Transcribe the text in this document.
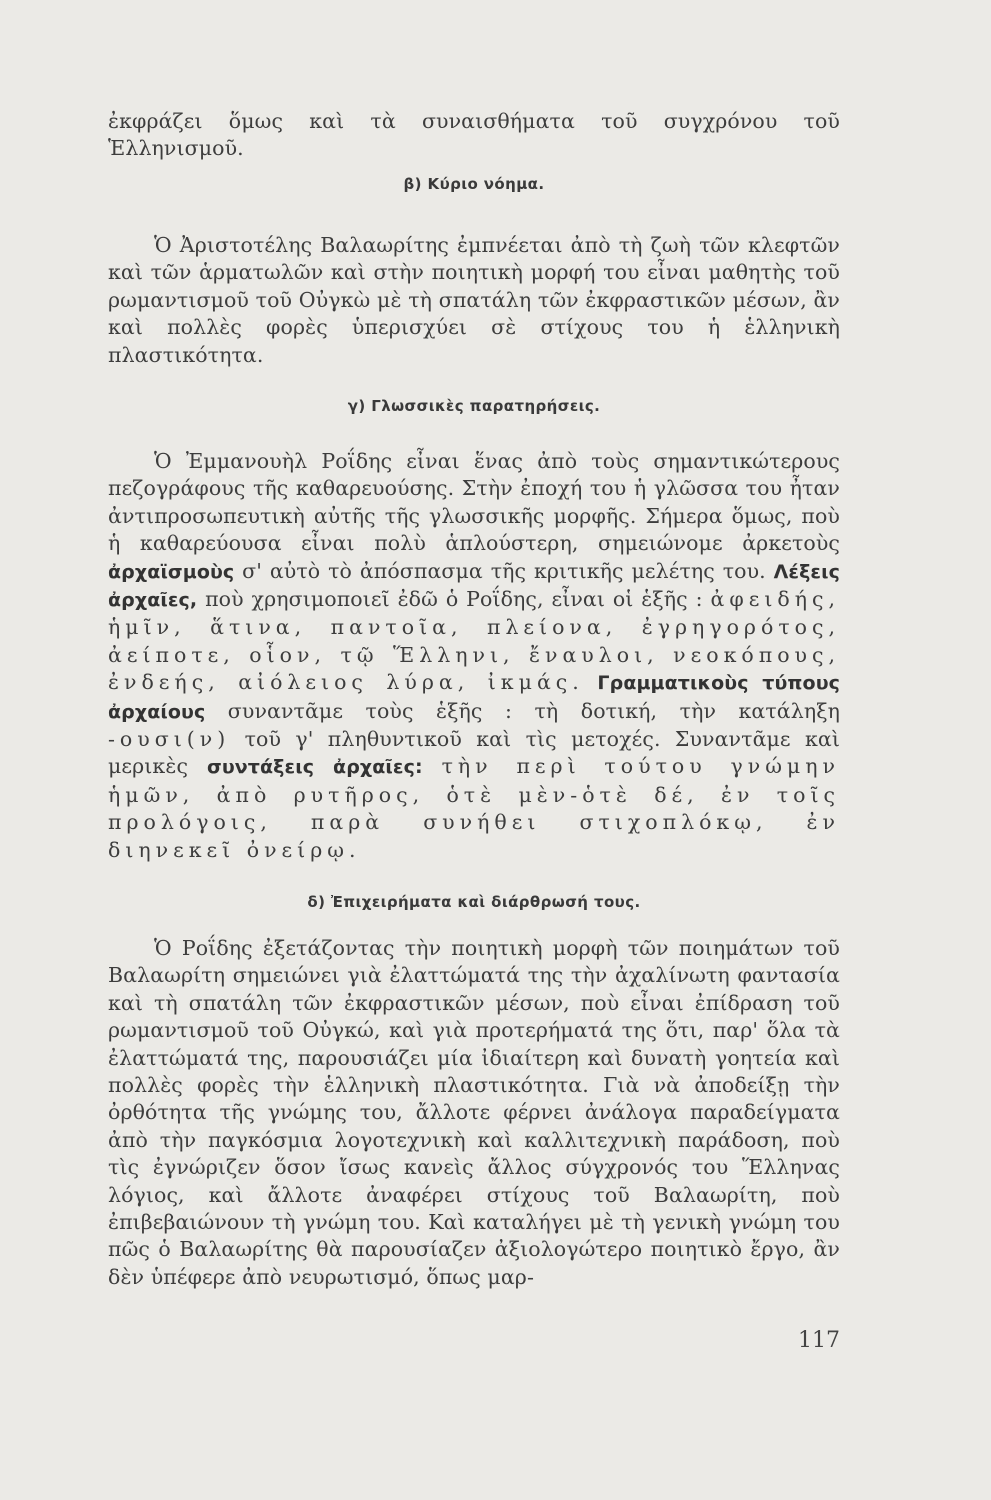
ἐκφράζει ὅμως καὶ τὰ συναισθήματα τοῦ συγχρόνου τοῦ Ἑλληνισμοῦ.

β) Κύριο νόημα.

Ὁ Ἀριστοτέλης Βαλαωρίτης ἐμπνέεται ἀπὸ τὴ ζωὴ τῶν κλεφτῶν καὶ τῶν ἁρματωλῶν καὶ στὴν ποιητικὴ μορφή του εἶναι μαθητὴς τοῦ ρωμαντισμοῦ τοῦ Οὐγκὼ μὲ τὴ σπατάλη τῶν ἐκφραστικῶν μέσων, ἂν καὶ πολλὲς φορὲς ὑπερισχύει σὲ στίχους του ἡ ἑλληνικὴ πλαστικότητα.

γ) Γλωσσικὲς παρατηρήσεις.

Ὁ Ἐμμανουὴλ Ροΐδης εἶναι ἕνας ἀπὸ τοὺς σημαντικώτερους πεζογράφους τῆς καθαρευούσης. Στὴν ἐποχή του ἡ γλῶσσα του ἦταν ἀντιπροσωπευτικὴ αὐτῆς τῆς γλωσσικῆς μορφῆς. Σήμερα ὅμως, ποὺ ἡ καθαρεύουσα εἶναι πολὺ ἁπλούστερη, σημειώνομε ἀρκετοὺς ἀρχαϊσμοὺς σ' αὐτὸ τὸ ἀπόσπασμα τῆς κριτικῆς μελέτης του. Λέξεις ἀρχαῖες, ποὺ χρησιμοποιεῖ ἐδῶ ὁ Ροΐδης, εἶναι οἱ ἑξῆς : ἀφειδής, ἡμῖν, ἅτινα, παντοῖα, πλείονα, ἐγρηγορότος, ἀείποτε, οἷον, τῷ Ἕλληνι, ἔναυλοι, νεοκόπους, ἐνδεής, αἰόλειος λύρα, ἰκμάς. Γραμματικοὺς τύπους ἀρχαίους συναντᾶμε τοὺς ἑξῆς : τὴ δοτική, τὴν κατάληξη -ουσι(ν) τοῦ γ' πληθυντικοῦ καὶ τὶς μετοχές. Συναντᾶμε καὶ μερικὲς συντάξεις ἀρχαῖες: τὴν περὶ τούτου γνώμην ἡμῶν, ἀπὸ ρυτῆρος, ὁτὲ μὲν-ὁτὲ δέ, ἐν τοῖς προλόγοις, παρὰ συνήθει στιχοπλόκῳ, ἐν διηνεκεῖ ὀνείρῳ.

δ) Ἐπιχειρήματα καὶ διάρθρωσή τους.

Ὁ Ροΐδης ἐξετάζοντας τὴν ποιητικὴ μορφὴ τῶν ποιημάτων τοῦ Βαλαωρίτη σημειώνει γιὰ ἐλαττώματά της τὴν ἀχαλίνωτη φαντασία καὶ τὴ σπατάλη τῶν ἐκφραστικῶν μέσων, ποὺ εἶναι ἐπίδραση τοῦ ρωμαντισμοῦ τοῦ Οὐγκώ, καὶ γιὰ προτερήματά της ὅτι, παρ' ὅλα τὰ ἐλαττώματά της, παρουσιάζει μία ἰδιαίτερη καὶ δυνατὴ γοητεία καὶ πολλὲς φορὲς τὴν ἑλληνικὴ πλαστικότητα. Γιὰ νὰ ἀποδείξῃ τὴν ὀρθότητα τῆς γνώμης του, ἄλλοτε φέρνει ἀνάλογα παραδείγματα ἀπὸ τὴν παγκόσμια λογοτεχνικὴ καὶ καλλιτεχνικὴ παράδοση, ποὺ τὶς ἐγνώριζεν ὅσον ἴσως κανεὶς ἄλλος σύγχρονός του Ἕλληνας λόγιος, καὶ ἄλλοτε ἀναφέρει στίχους τοῦ Βαλαωρίτη, ποὺ ἐπιβεβαιώνουν τὴ γνώμη του. Καὶ καταλήγει μὲ τὴ γενικὴ γνώμη του πῶς ὁ Βαλαωρίτης θὰ παρουσίαζεν ἀξιολογώτερο ποιητικὸ ἔργο, ἂν δὲν ὑπέφερε ἀπὸ νευρωτισμό, ὅπως μαρ-

117
